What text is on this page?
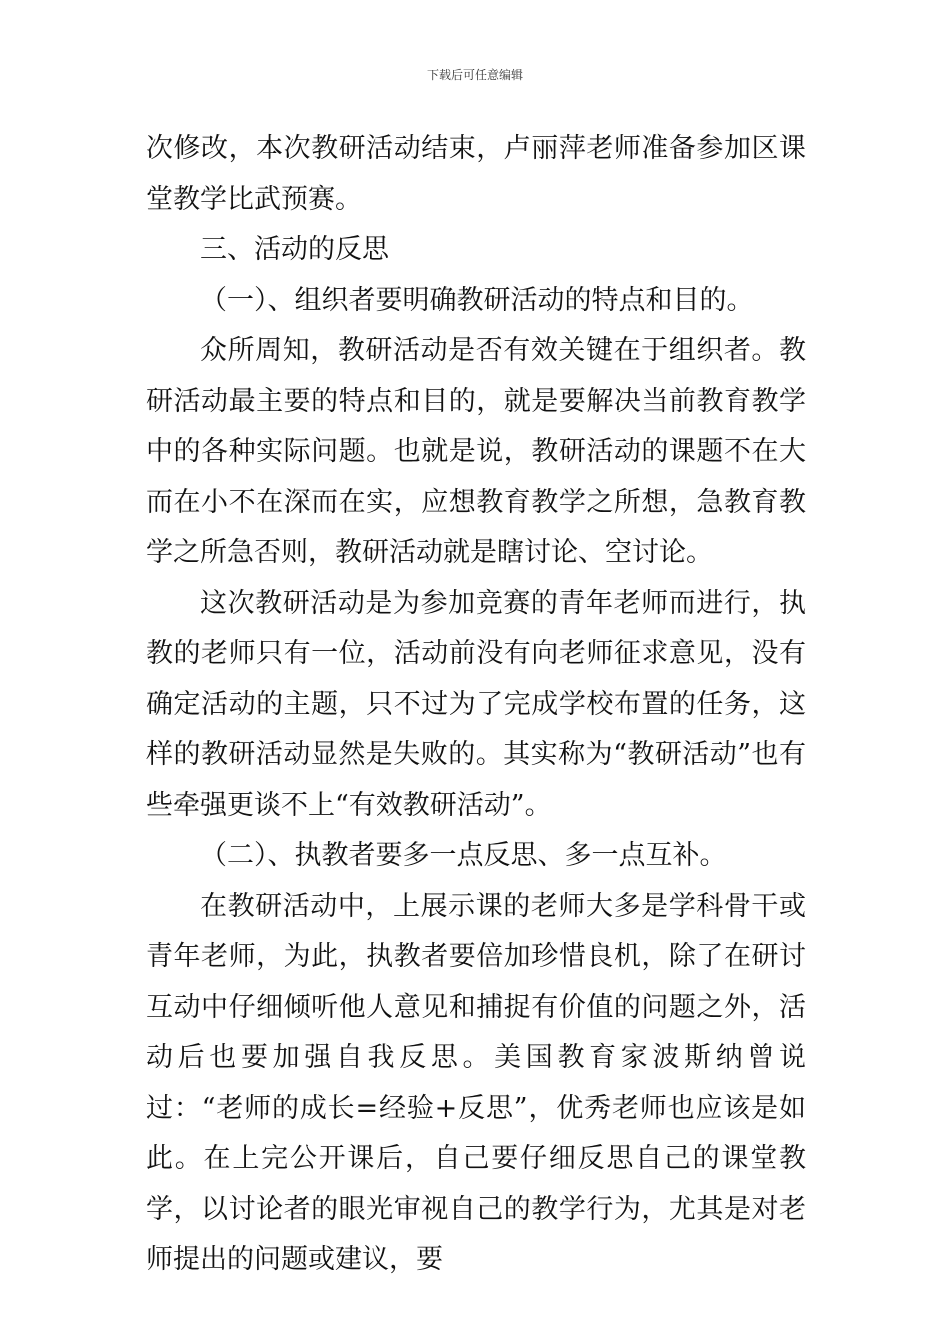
下载后可任意编辑

次修改，本次教研活动结束，卢丽萍老师准备参加区课堂教学比武预赛。

三、活动的反思

（一）、组织者要明确教研活动的特点和目的。

众所周知，教研活动是否有效关键在于组织者。教研活动最主要的特点和目的，就是要解决当前教育教学中的各种实际问题。也就是说，教研活动的课题不在大而在小不在深而在实，应想教育教学之所想，急教育教学之所急否则，教研活动就是瞎讨论、空讨论。

这次教研活动是为参加竞赛的青年老师而进行，执教的老师只有一位，活动前没有向老师征求意见，没有确定活动的主题，只不过为了完成学校布置的任务，这样的教研活动显然是失败的。其实称为“教研活动”也有些牵强更谈不上“有效教研活动”。

（二）、执教者要多一点反思、多一点互补。

在教研活动中，上展示课的老师大多是学科骨干或青年老师，为此，执教者要倍加珍惜良机，除了在研讨互动中仔细倾听他人意见和捕捉有价值的问题之外，活动后也要加强自我反思。美国教育家波斯纳曾说过：“老师的成长=经验+反思”，优秀老师也应该是如此。在上完公开课后，自己要仔细反思自己的课堂教学，以讨论者的眼光审视自己的教学行为，尤其是对老师提出的问题或建议，要
